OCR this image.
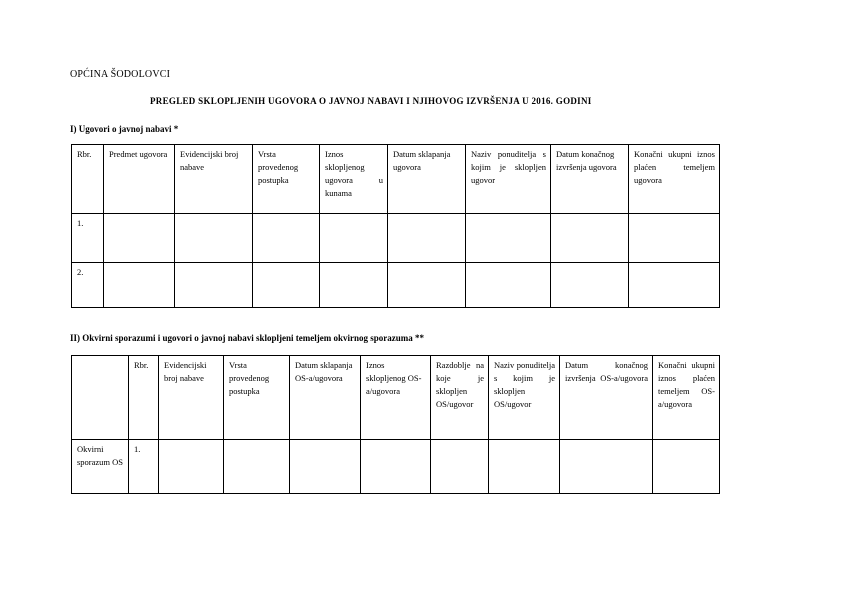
OPĆINA ŠODOLOVCI
PREGLED SKLOPLJENIH UGOVORA O JAVNOJ NABAVI I NJIHOVOG IZVRŠENJA U 2016. GODINI
I) Ugovori o javnoj nabavi *
Rbr.	Predmet ugovora	Evidencijski broj nabave	Vrsta provedenog postupka	Iznos sklopljenog ugovora u kunama	Datum sklapanja ugovora	Naziv ponuditelja s kojim je sklopljen ugovor	Datum konačnog izvršenja ugovora	Konačni ukupni iznos plaćen temeljem ugovora
1.								
2.								
II) Okvirni sporazumi i ugovori o javnoj nabavi sklopljeni temeljem okvirnog sporazuma **
	Rbr.	Evidencijski broj nabave	Vrsta provedenog postupka	Datum sklapanja OS-a/ugovora	Iznos sklopljenog OS-a/ugovora	Razdoblje na koje je sklopljen OS/ugovor	Naziv ponuditelja s kojim je sklopljen OS/ugovor	Datum konačnog izvršenja OS-a/ugovora	Konačni ukupni iznos plaćen temeljem OS-a/ugovora
Okvirni sporazum OS	1.								
